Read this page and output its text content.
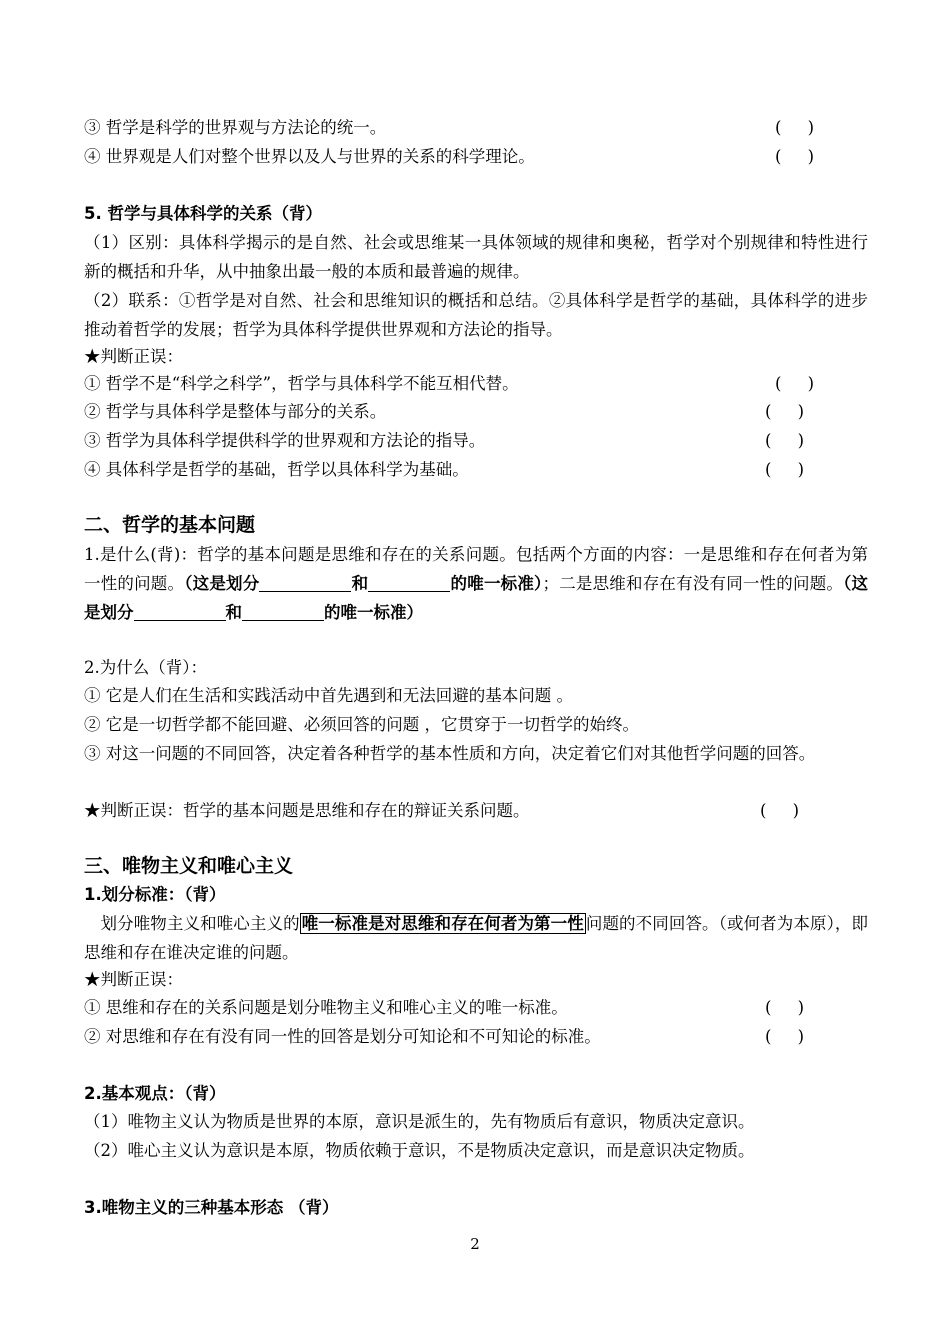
③ 哲学是科学的世界观与方法论的统一。	(     )
④ 世界观是人们对整个世界以及人与世界的关系的科学理论。	(     )
5. 哲学与具体科学的关系（背）
（1）区别：具体科学揭示的是自然、社会或思维某一具体领域的规律和奥秘，哲学对个别规律和特性进行新的概括和升华，从中抽象出最一般的本质和最普遍的规律。
（2）联系：①哲学是对自然、社会和思维知识的概括和总结。②具体科学是哲学的基础，具体科学的进步推动着哲学的发展；哲学为具体科学提供世界观和方法论的指导。
★判断正误：
① 哲学不是“科学之科学”，哲学与具体科学不能互相代替。	(     )
② 哲学与具体科学是整体与部分的关系。	(     )
③ 哲学为具体科学提供科学的世界观和方法论的指导。	(     )
④ 具体科学是哲学的基础，哲学以具体科学为基础。	(     )
二、哲学的基本问题
1.是什么(背)：哲学的基本问题是思维和存在的关系问题。包括两个方面的内容：一是思维和存在何者为第一性的问题。（这是划分	和	的唯一标准）；二是思维和存在有没有同一性的问题。（这是划分	和	的唯一标准）
2.为什么（背）：
① 它是人们在生活和实践活动中首先遇到和无法回避的基本问题 。
② 它是一切哲学都不能回避、必须回答的问题 ，它贯穿于一切哲学的始终。
③ 对这一问题的不同回答，决定着各种哲学的基本性质和方向，决定着它们对其他哲学问题的回答。
★判断正误：哲学的基本问题是思维和存在的辩证关系问题。	(     )
三、唯物主义和唯心主义
1.划分标准：（背）
划分唯物主义和唯心主义的 唯一标准是对思维和存在何者为第一性 问题的不同回答。（或何者为本原），即思维和存在谁决定谁的问题。
★判断正误：
① 思维和存在的关系问题是划分唯物主义和唯心主义的唯一标准。	(     )
② 对思维和存在有没有同一性的回答是划分可知论和不可知论的标准。	(     )
2.基本观点：（背）
（1）唯物主义认为物质是世界的本原，意识是派生的，先有物质后有意识，物质决定意识。
（2）唯心主义认为意识是本原，物质依赖于意识，不是物质决定意识，而是意识决定物质。
3.唯物主义的三种基本形态 （背）
2
